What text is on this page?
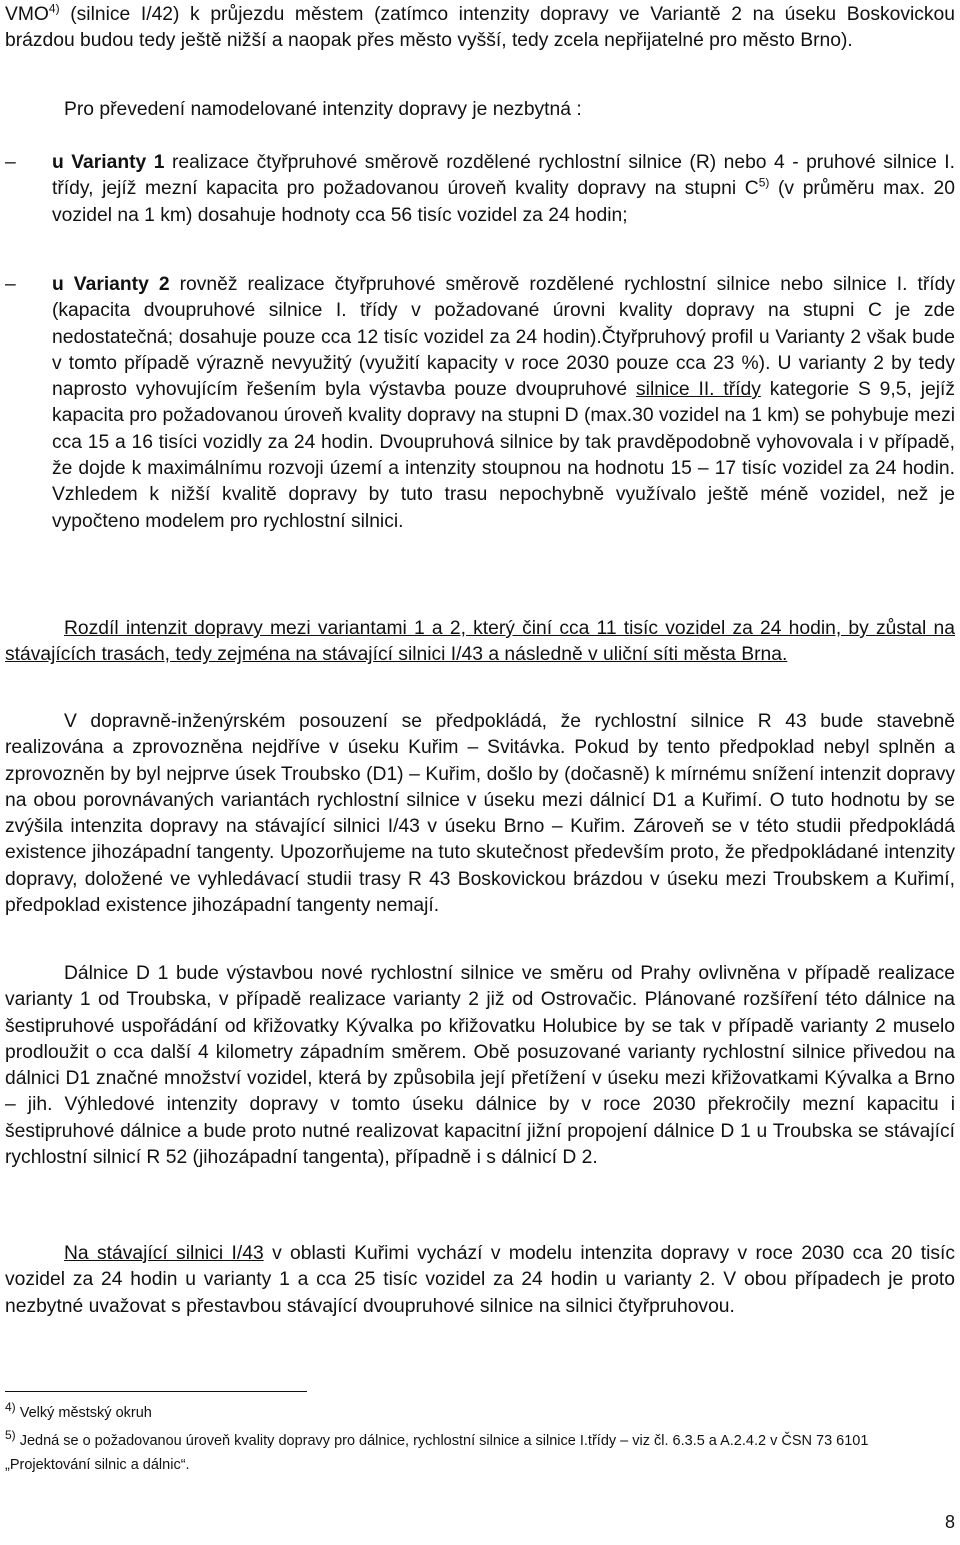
VMO$^{4)}$ (silnice I/42) k průjezdu městem (zatímco intenzity dopravy ve Variantě 2 na úseku Boskovickou brázdou budou tedy ještě nižší a naopak přes město vyšší, tedy zcela nepřijatelné pro město Brno).

Pro převedení namodelované intenzity dopravy je nezbytná :

– u Varianty 1 realizace čtyřpruhové směrově rozdělené rychlostní silnice (R) nebo 4 - pruhové silnice I. třídy, jejíž mezní kapacita pro požadovanou úroveň kvality dopravy na stupni $C^{5)}$ (v průměru max. 20 vozidel na 1 km) dosahuje hodnoty cca 56 tisíc vozidel za 24 hodin;

– u Varianty 2 rovněž realizace čtyřpruhové směrově rozdělené rychlostní silnice nebo silnice I. třídy (kapacita dvoupruhové silnice I. třídy v požadované úrovni kvality dopravy na stupni C je zde nedostatečná; dosahuje pouze cca 12 tisíc vozidel za 24 hodin).Čtyřpruhový profil u Varianty 2 však bude v tomto případě výrazně nevyužitý (využití kapacity v roce 2030 pouze cca 23 %). U varianty 2 by tedy naprosto vyhovujícím řešením byla výstavba pouze dvoupruhové silnice II. třídy kategorie S 9,5, jejíž kapacita pro požadovanou úroveň kvality dopravy na stupni D (max.30 vozidel na 1 km) se pohybuje mezi cca 15 a 16 tisíci vozidly za 24 hodin. Dvoupruhová silnice by tak pravděpodobně vyhovovala i v případě, že dojde k maximálnímu rozvoji území a intenzity stoupnou na hodnotu 15 – 17 tisíc vozidel za 24 hodin. Vzhledem k nižší kvalitě dopravy by tuto trasu nepochybně využívalo ještě méně vozidel, než je vypočteno modelem pro rychlostní silnici.

Rozdíl intenzit dopravy mezi variantami 1 a 2, který činí cca 11 tisíc vozidel za 24 hodin, by zůstal na stávajících trasách, tedy zejména na stávající silnici I/43 a následně v uliční síti města Brna.

V dopravně-inženýrském posouzení se předpokládá, že rychlostní silnice R 43 bude stavebně realizována a zprovozněna nejdříve v úseku Kuřim – Svitávka. Pokud by tento předpoklad nebyl splněn a zprovozněn by byl nejprve úsek Troubsko (D1) – Kuřim, došlo by (dočasně) k mírnému snížení intenzit dopravy na obou porovnávaných variantách rychlostní silnice v úseku mezi dálnicí D1 a Kuřimí. O tuto hodnotu by se zvýšila intenzita dopravy na stávající silnici I/43 v úseku Brno – Kuřim. Zároveň se v této studii předpokládá existence jihozápadní tangenty. Upozorňujeme na tuto skutečnost především proto, že předpokládané intenzity dopravy, doložené ve vyhledávací studii trasy R 43 Boskovickou brázdou v úseku mezi Troubskem a Kuřimí, předpoklad existence jihozápadní tangenty nemají.

Dálnice D 1 bude výstavbou nové rychlostní silnice ve směru od Prahy ovlivněna v případě realizace varianty 1 od Troubska, v případě realizace varianty 2 již od Ostrovačic. Plánované rozšíření této dálnice na šestipruhové uspořádání od křižovatky Kývalka po křižovatku Holubice by se tak v případě varianty 2 muselo prodloužit o cca další 4 kilometry západním směrem. Obě posuzované varianty rychlostní silnice přivedou na dálnici D1 značné množství vozidel, která by způsobila její přetížení v úseku mezi křižovatkami Kývalka a Brno – jih. Výhledové intenzity dopravy v tomto úseku dálnice by v roce 2030 překročily mezní kapacitu i šestipruhové dálnice a bude proto nutné realizovat kapacitní jižní propojení dálnice D 1 u Troubska se stávající rychlostní silnicí R 52 (jihozápadní tangenta), případně i s dálnicí D 2.

Na stávající silnici I/43 v oblasti Kuřimi vychází v modelu intenzita dopravy v roce 2030 cca 20 tisíc vozidel za 24 hodin u varianty 1 a cca 25 tisíc vozidel za 24 hodin u varianty 2. V obou případech je proto nezbytné uvažovat s přestavbou stávající dvoupruhové silnice na silnici čtyřpruhovou.

$^{4)}$ Velký městský okruh

$^{5)}$ Jedná se o požadovanou úroveň kvality dopravy pro dálnice, rychlostní silnice a silnice I.třídy – viz čl. 6.3.5 a A.2.4.2 v ČSN 73 6101 „Projektování silnic a dálnic“.

8
